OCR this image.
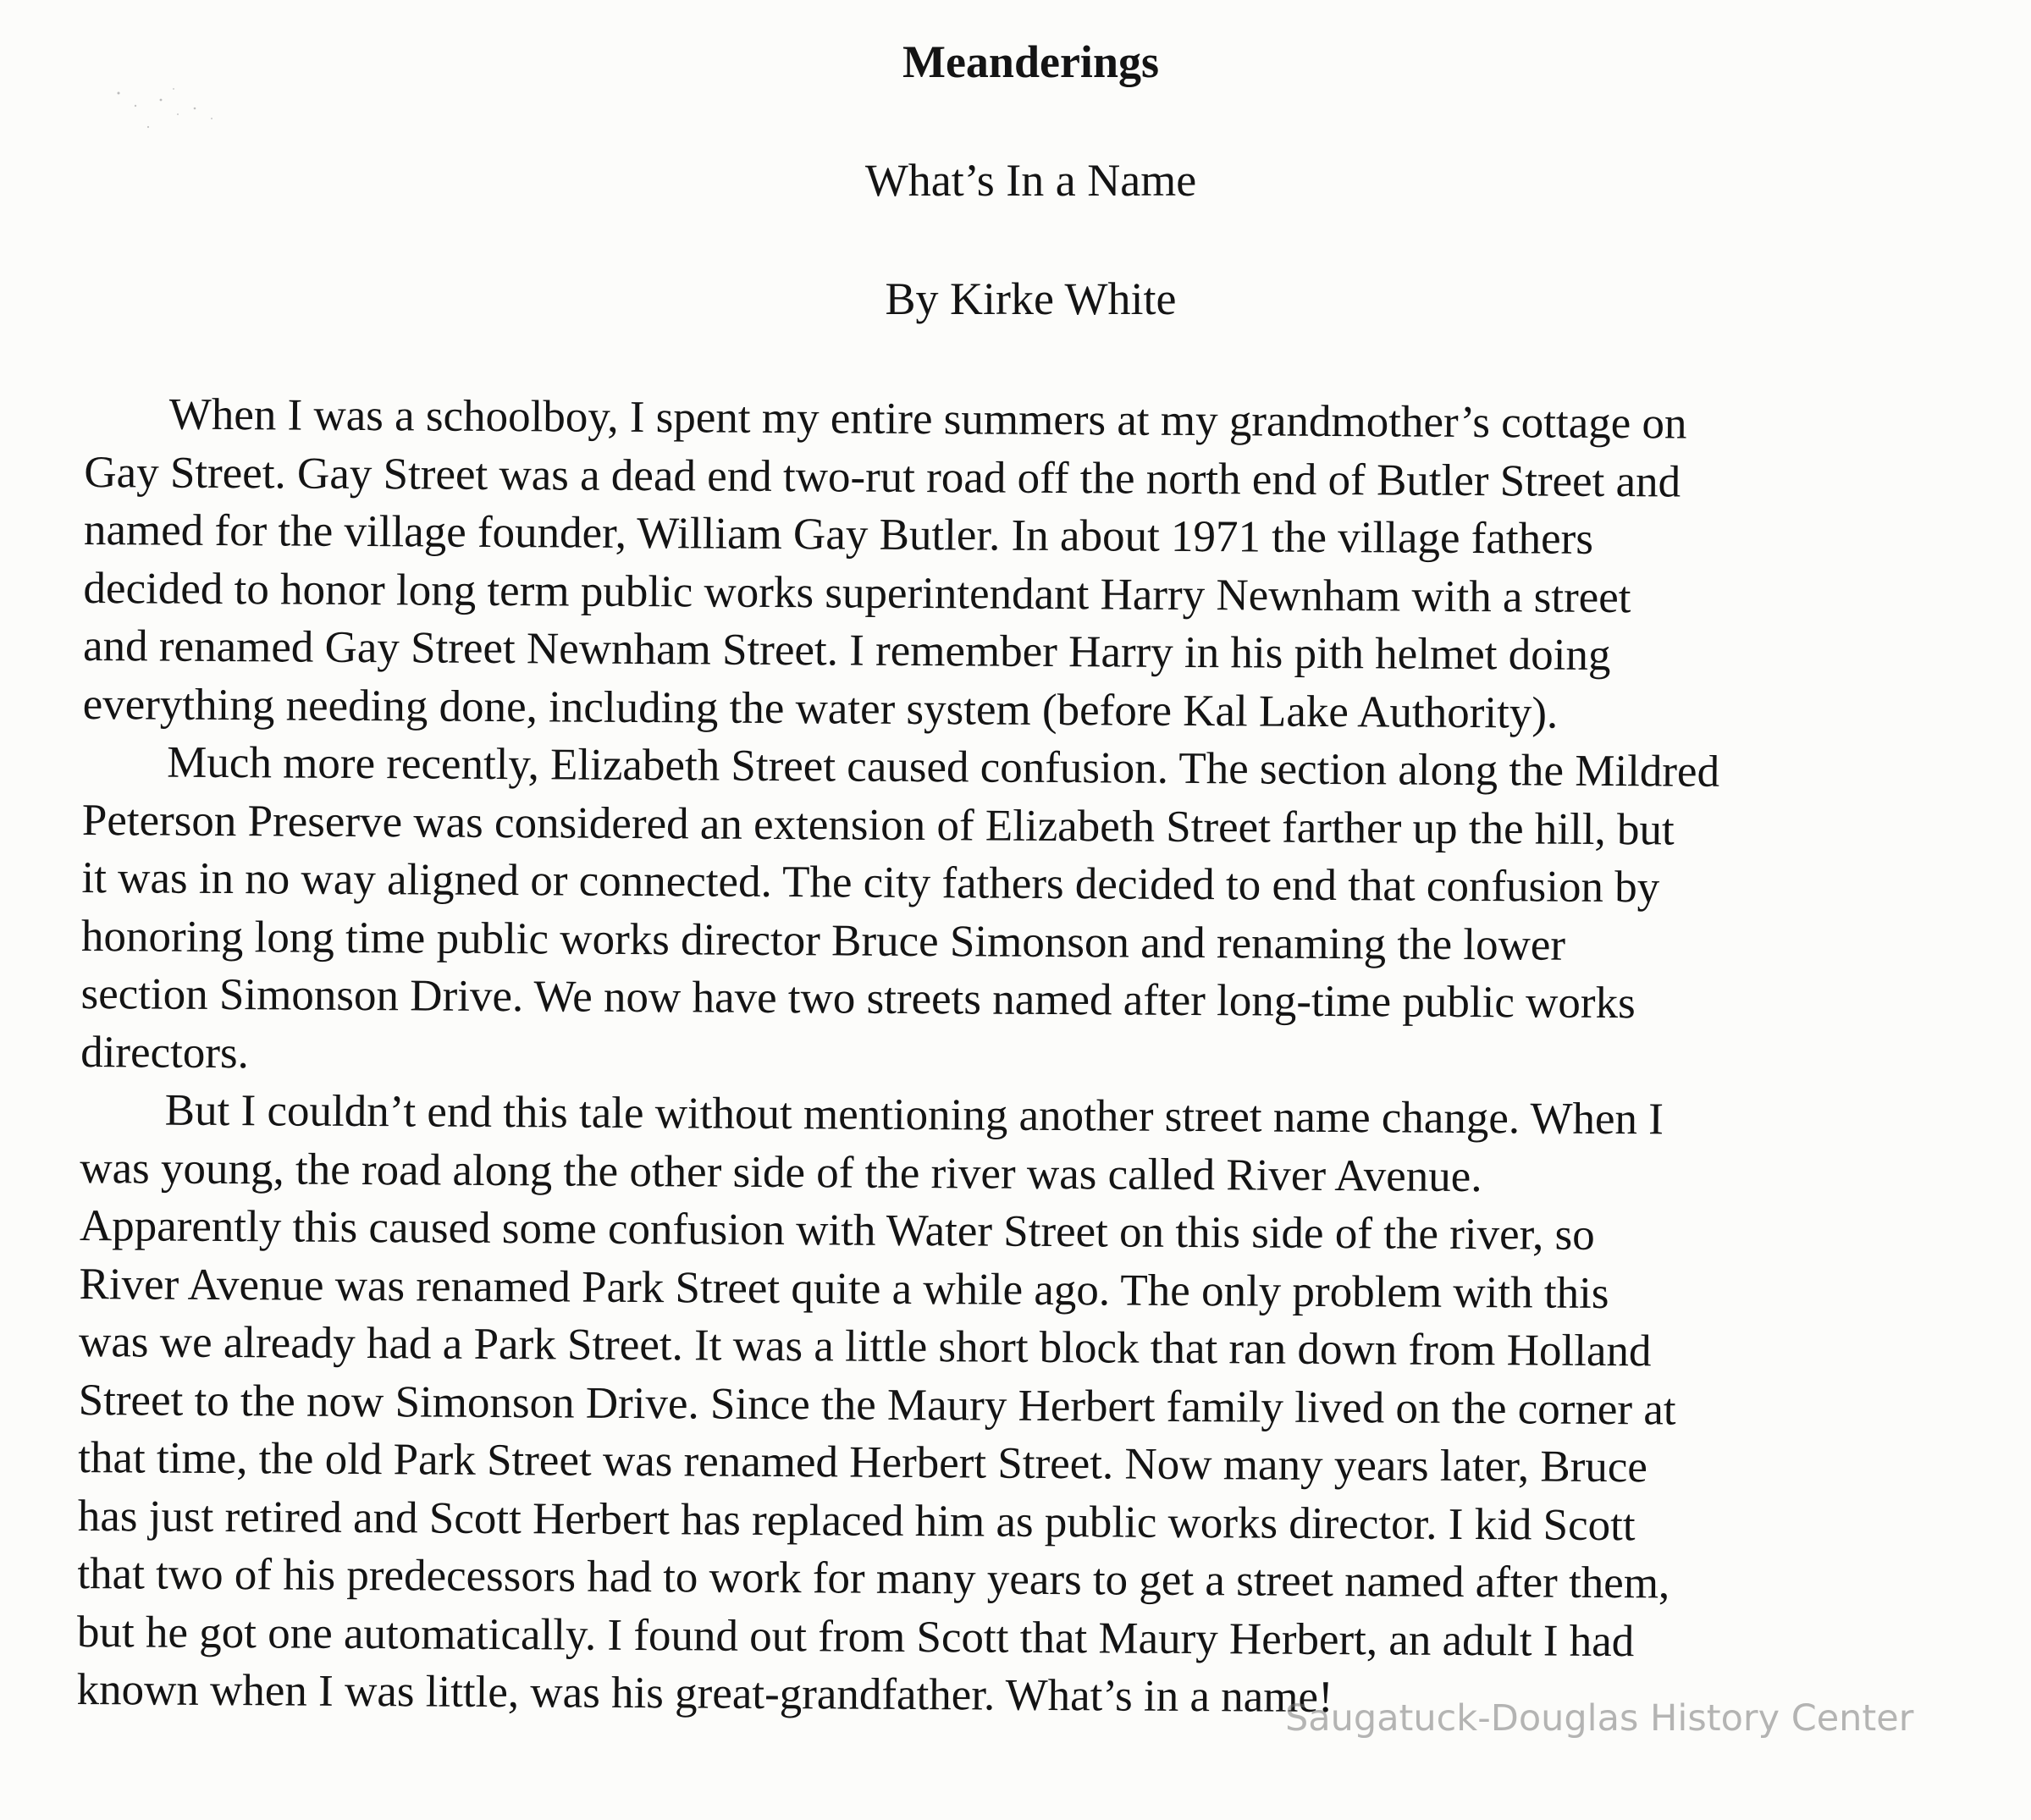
Meanderings
What’s In a Name
By Kirke White

When I was a schoolboy, I spent my entire summers at my grandmother’s cottage on
Gay Street. Gay Street was a dead end two-rut road off the north end of Butler Street and
named for the village founder, William Gay Butler. In about 1971 the village fathers
decided to honor long term public works superintendant Harry Newnham with a street
and renamed Gay Street Newnham Street. I remember Harry in his pith helmet doing
everything needing done, including the water system (before Kal Lake Authority).

Much more recently, Elizabeth Street caused confusion. The section along the Mildred
Peterson Preserve was considered an extension of Elizabeth Street farther up the hill, but
it was in no way aligned or connected. The city fathers decided to end that confusion by
honoring long time public works director Bruce Simonson and renaming the lower
section Simonson Drive. We now have two streets named after long-time public works
directors.

But I couldn’t end this tale without mentioning another street name change. When I
was young, the road along the other side of the river was called River Avenue.
Apparently this caused some confusion with Water Street on this side of the river, so
River Avenue was renamed Park Street quite a while ago. The only problem with this
was we already had a Park Street. It was a little short block that ran down from Holland
Street to the now Simonson Drive. Since the Maury Herbert family lived on the corner at
that time, the old Park Street was renamed Herbert Street. Now many years later, Bruce
has just retired and Scott Herbert has replaced him as public works director. I kid Scott
that two of his predecessors had to work for many years to get a street named after them,
but he got one automatically. I found out from Scott that Maury Herbert, an adult I had
known when I was little, was his great-grandfather. What’s in a name!

Saugatuck-Douglas History Center
